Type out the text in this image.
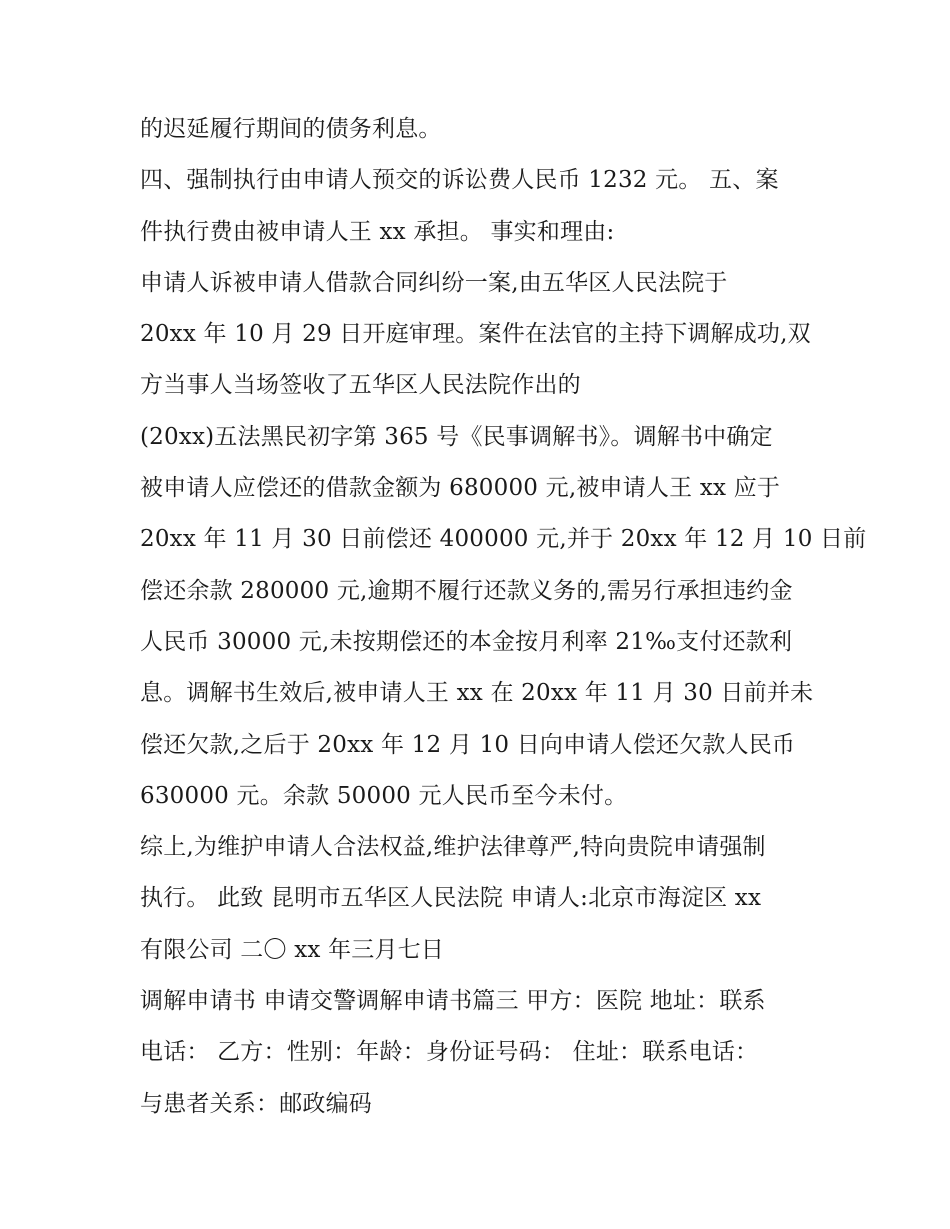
的迟延履行期间的债务利息。
四、强制执行由申请人预交的诉讼费人民币 1232 元。 五、案
件执行费由被申请人王 xx 承担。 事实和理由:
申请人诉被申请人借款合同纠纷一案,由五华区人民法院于
20xx 年 10 月 29 日开庭审理。案件在法官的主持下调解成功,双
方当事人当场签收了五华区人民法院作出的
(20xx)五法黑民初字第 365 号《民事调解书》。调解书中确定
被申请人应偿还的借款金额为 680000 元,被申请人王 xx 应于
20xx 年 11 月 30 日前偿还 400000 元,并于 20xx 年 12 月 10 日前
偿还余款 280000 元,逾期不履行还款义务的,需另行承担违约金
人民币 30000 元,未按期偿还的本金按月利率 21‰支付还款利
息。调解书生效后,被申请人王 xx 在 20xx 年 11 月 30 日前并未
偿还欠款,之后于 20xx 年 12 月 10 日向申请人偿还欠款人民币
630000 元。余款 50000 元人民币至今未付。
综上,为维护申请人合法权益,维护法律尊严,特向贵院申请强制
执行。 此致 昆明市五华区人民法院 申请人:北京市海淀区 xx
有限公司 二〇 xx 年三月七日
调解申请书 申请交警调解申请书篇三 甲方：医院 地址：联系
电话： 乙方：性别：年龄：身份证号码： 住址：联系电话：
与患者关系：邮政编码
